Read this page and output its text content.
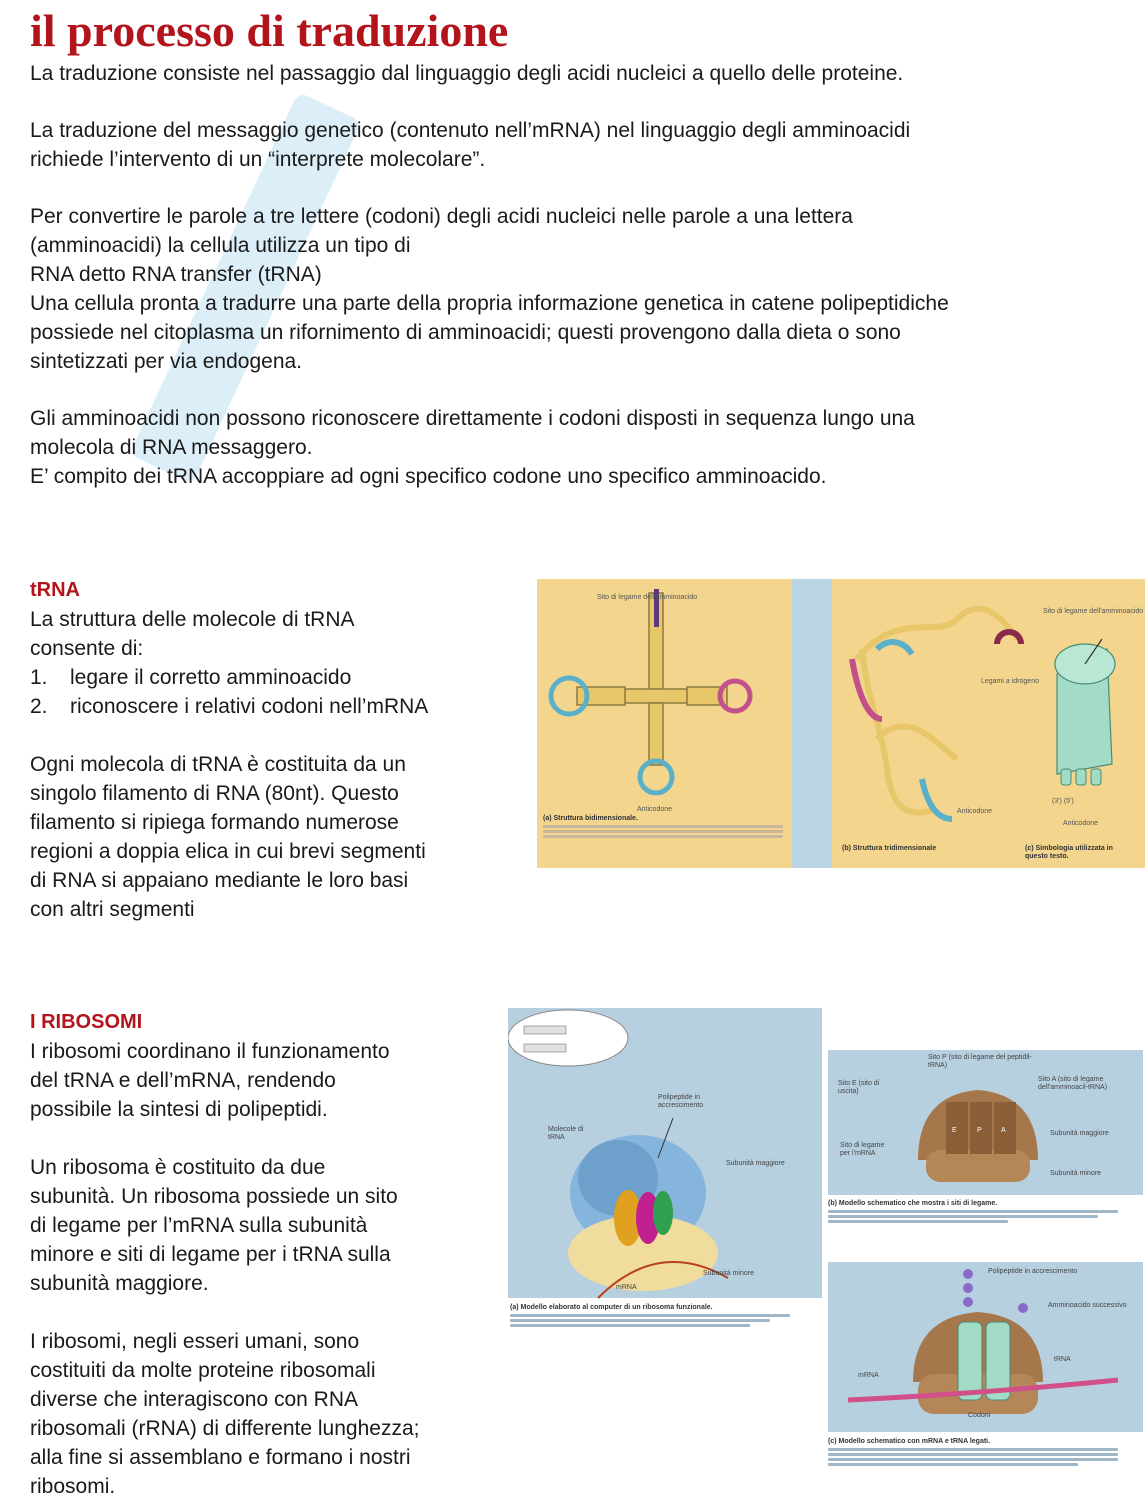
il processo di traduzione

La traduzione consiste nel passaggio dal linguaggio degli acidi nucleici a quello delle proteine.

La traduzione del messaggio genetico (contenuto nell’mRNA) nel linguaggio degli amminoacidi

richiede l’intervento di un “interprete molecolare”.

Per convertire le parole a tre lettere (codoni) degli acidi nucleici nelle parole a una lettera

(amminoacidi) la cellula utilizza un tipo di

RNA detto RNA transfer (tRNA)

Una cellula pronta a tradurre una parte della propria informazione genetica in catene polipeptidiche

possiede nel citoplasma un rifornimento di amminoacidi; questi provengono dalla dieta o sono

sintetizzati per via endogena.

Gli amminoacidi non possono riconoscere direttamente i codoni disposti in sequenza lungo una

molecola di RNA messaggero.

E’ compito dei tRNA accoppiare ad ogni specifico codone uno specifico amminoacido.

tRNA
La struttura delle molecole di tRNA
consente di:
1. legare il corretto amminoacido
2. riconoscere i relativi codoni nell’mRNA
Ogni molecola di tRNA è costituita da un
singolo filamento di RNA (80nt). Questo
filamento si ripiega formando numerose
regioni a doppia elica in cui brevi segmenti
di RNA si appaiano mediante le loro basi
con altri segmenti
Sito di legame dell'amminoacido
Anticodone
Legami a idrogeno
Anticodone
Sito di legame dell'amminoacido
(3') (5')
Anticodone
(a) Struttura bidimensionale.
(b) Struttura tridimensionale	(c) Simbologia utilizzata in questo testo.
I RIBOSOMI
I ribosomi coordinano il funzionamento
del tRNA e dell’mRNA, rendendo
possibile la sintesi di polipeptidi.
Un ribosoma è costituito da due
subunità. Un ribosoma possiede un sito
di legame per l’mRNA sulla subunità
minore e siti di legame per i tRNA sulla
subunità maggiore.
I ribosomi, negli esseri umani, sono
costituiti da molte proteine ribosomali
diverse che interagiscono con RNA
ribosomali (rRNA) di differente lunghezza;
alla fine si assemblano e formano i nostri
ribosomi.
Polipeptide in accrescimento
Molecole di tRNA
Subunità maggiore
Subunità minore
mRNA
(a) Modello elaborato al computer di un ribosoma funzionale.
E	P	A
Sito P (sito di legame del peptidil-tRNA)
Sito E (sito di uscita)
Sito A (sito di legame dell'amminoacil-tRNA)
Sito di legame per l'mRNA
Subunità maggiore
Subunità minore
(b) Modello schematico che mostra i siti di legame.
Polipeptide in accrescimento
Amminoacido successivo
tRNA
mRNA
Codoni
(c) Modello schematico con mRNA e tRNA legati.
